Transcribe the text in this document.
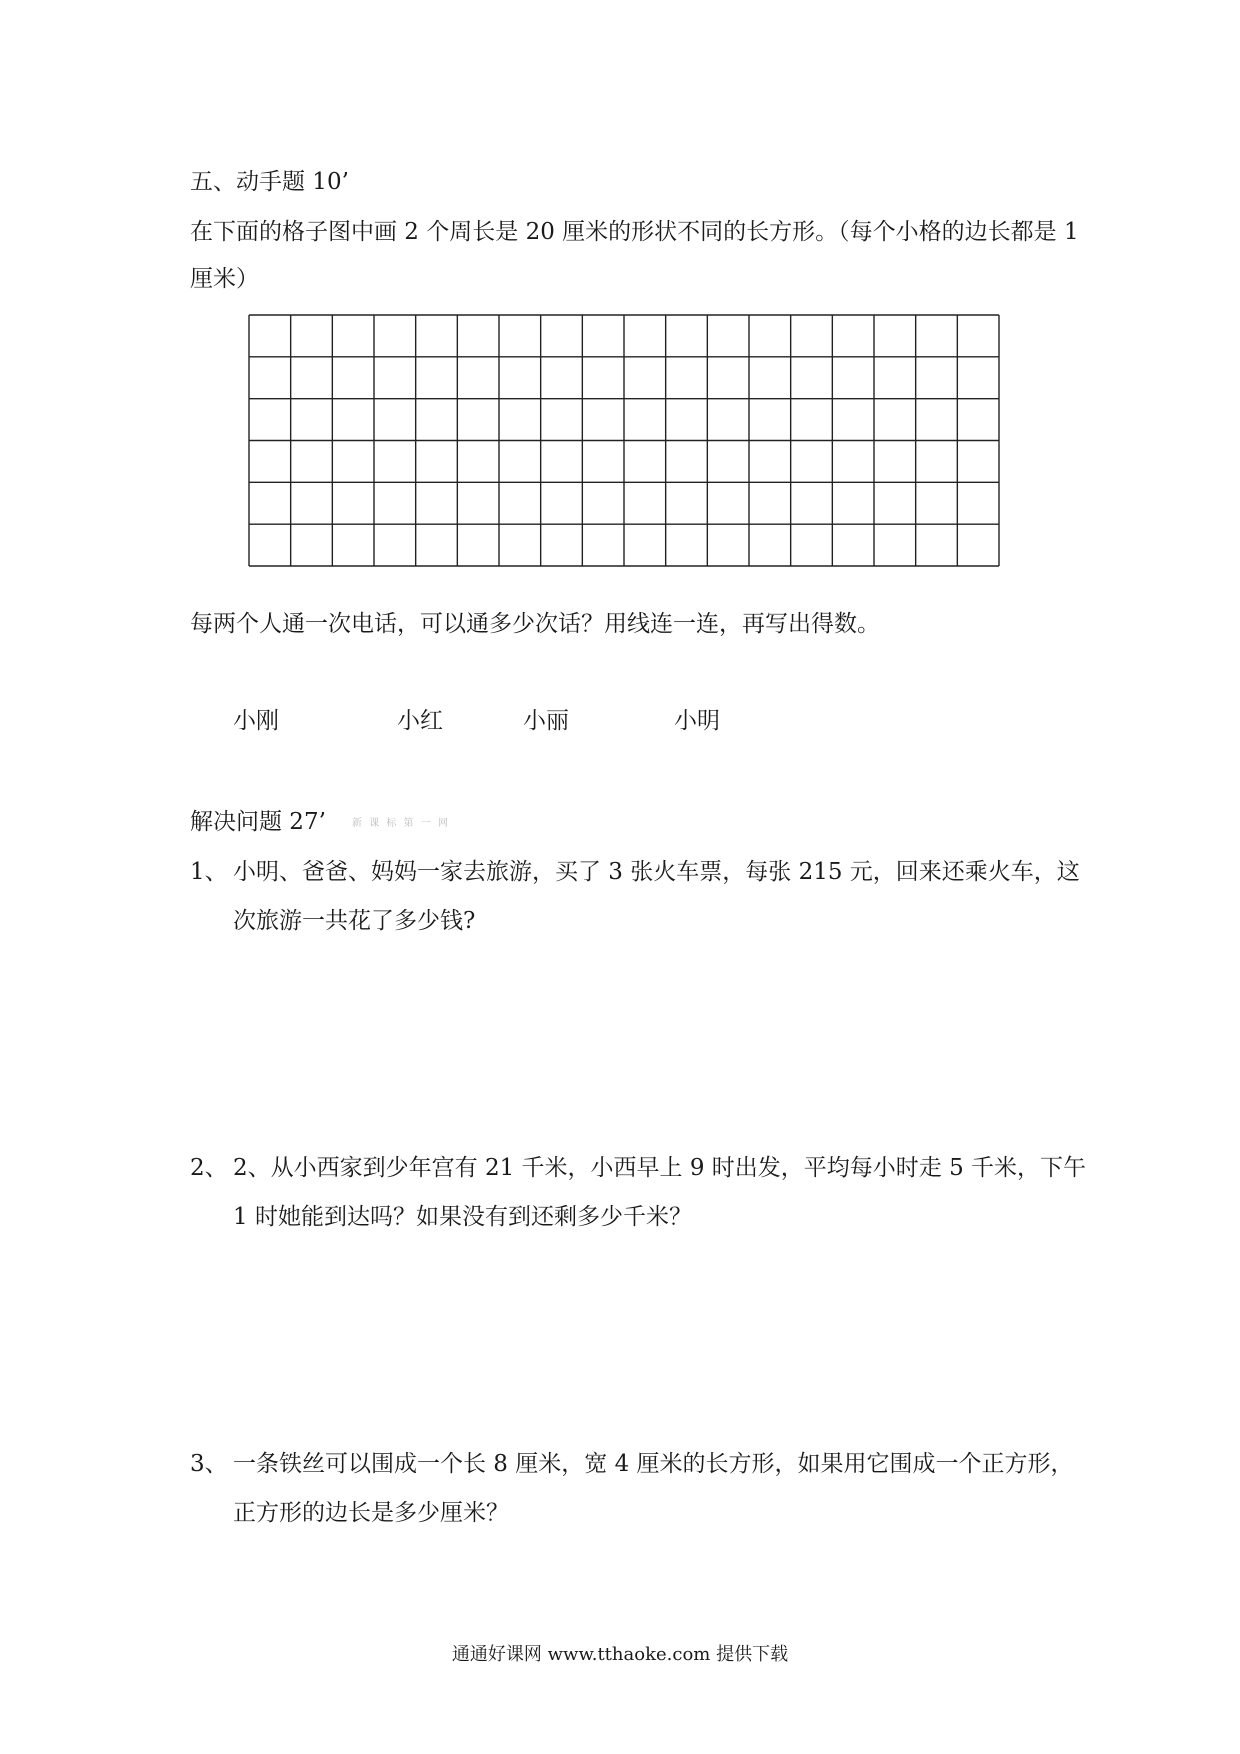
五、动手题 10’
在下面的格子图中画 2 个周长是 20 厘米的形状不同的长方形。（每个小格的边长都是 1
厘米）
每两个人通一次电话，可以通多少次话？用线连一连，再写出得数。
小刚	小红	小丽	小明
解决问题 27’	新 课 标 第 一 网
1、 小明、爸爸、妈妈一家去旅游，买了 3 张火车票，每张 215 元，回来还乘火车，这
次旅游一共花了多少钱?
2、 2、从小西家到少年宫有 21 千米，小西早上 9 时出发，平均每小时走 5 千米，下午
1 时她能到达吗？如果没有到还剩多少千米？
3、 一条铁丝可以围成一个长 8 厘米，宽 4 厘米的长方形，如果用它围成一个正方形，
正方形的边长是多少厘米？
通通好课网 www.tthaoke.com 提供下载
